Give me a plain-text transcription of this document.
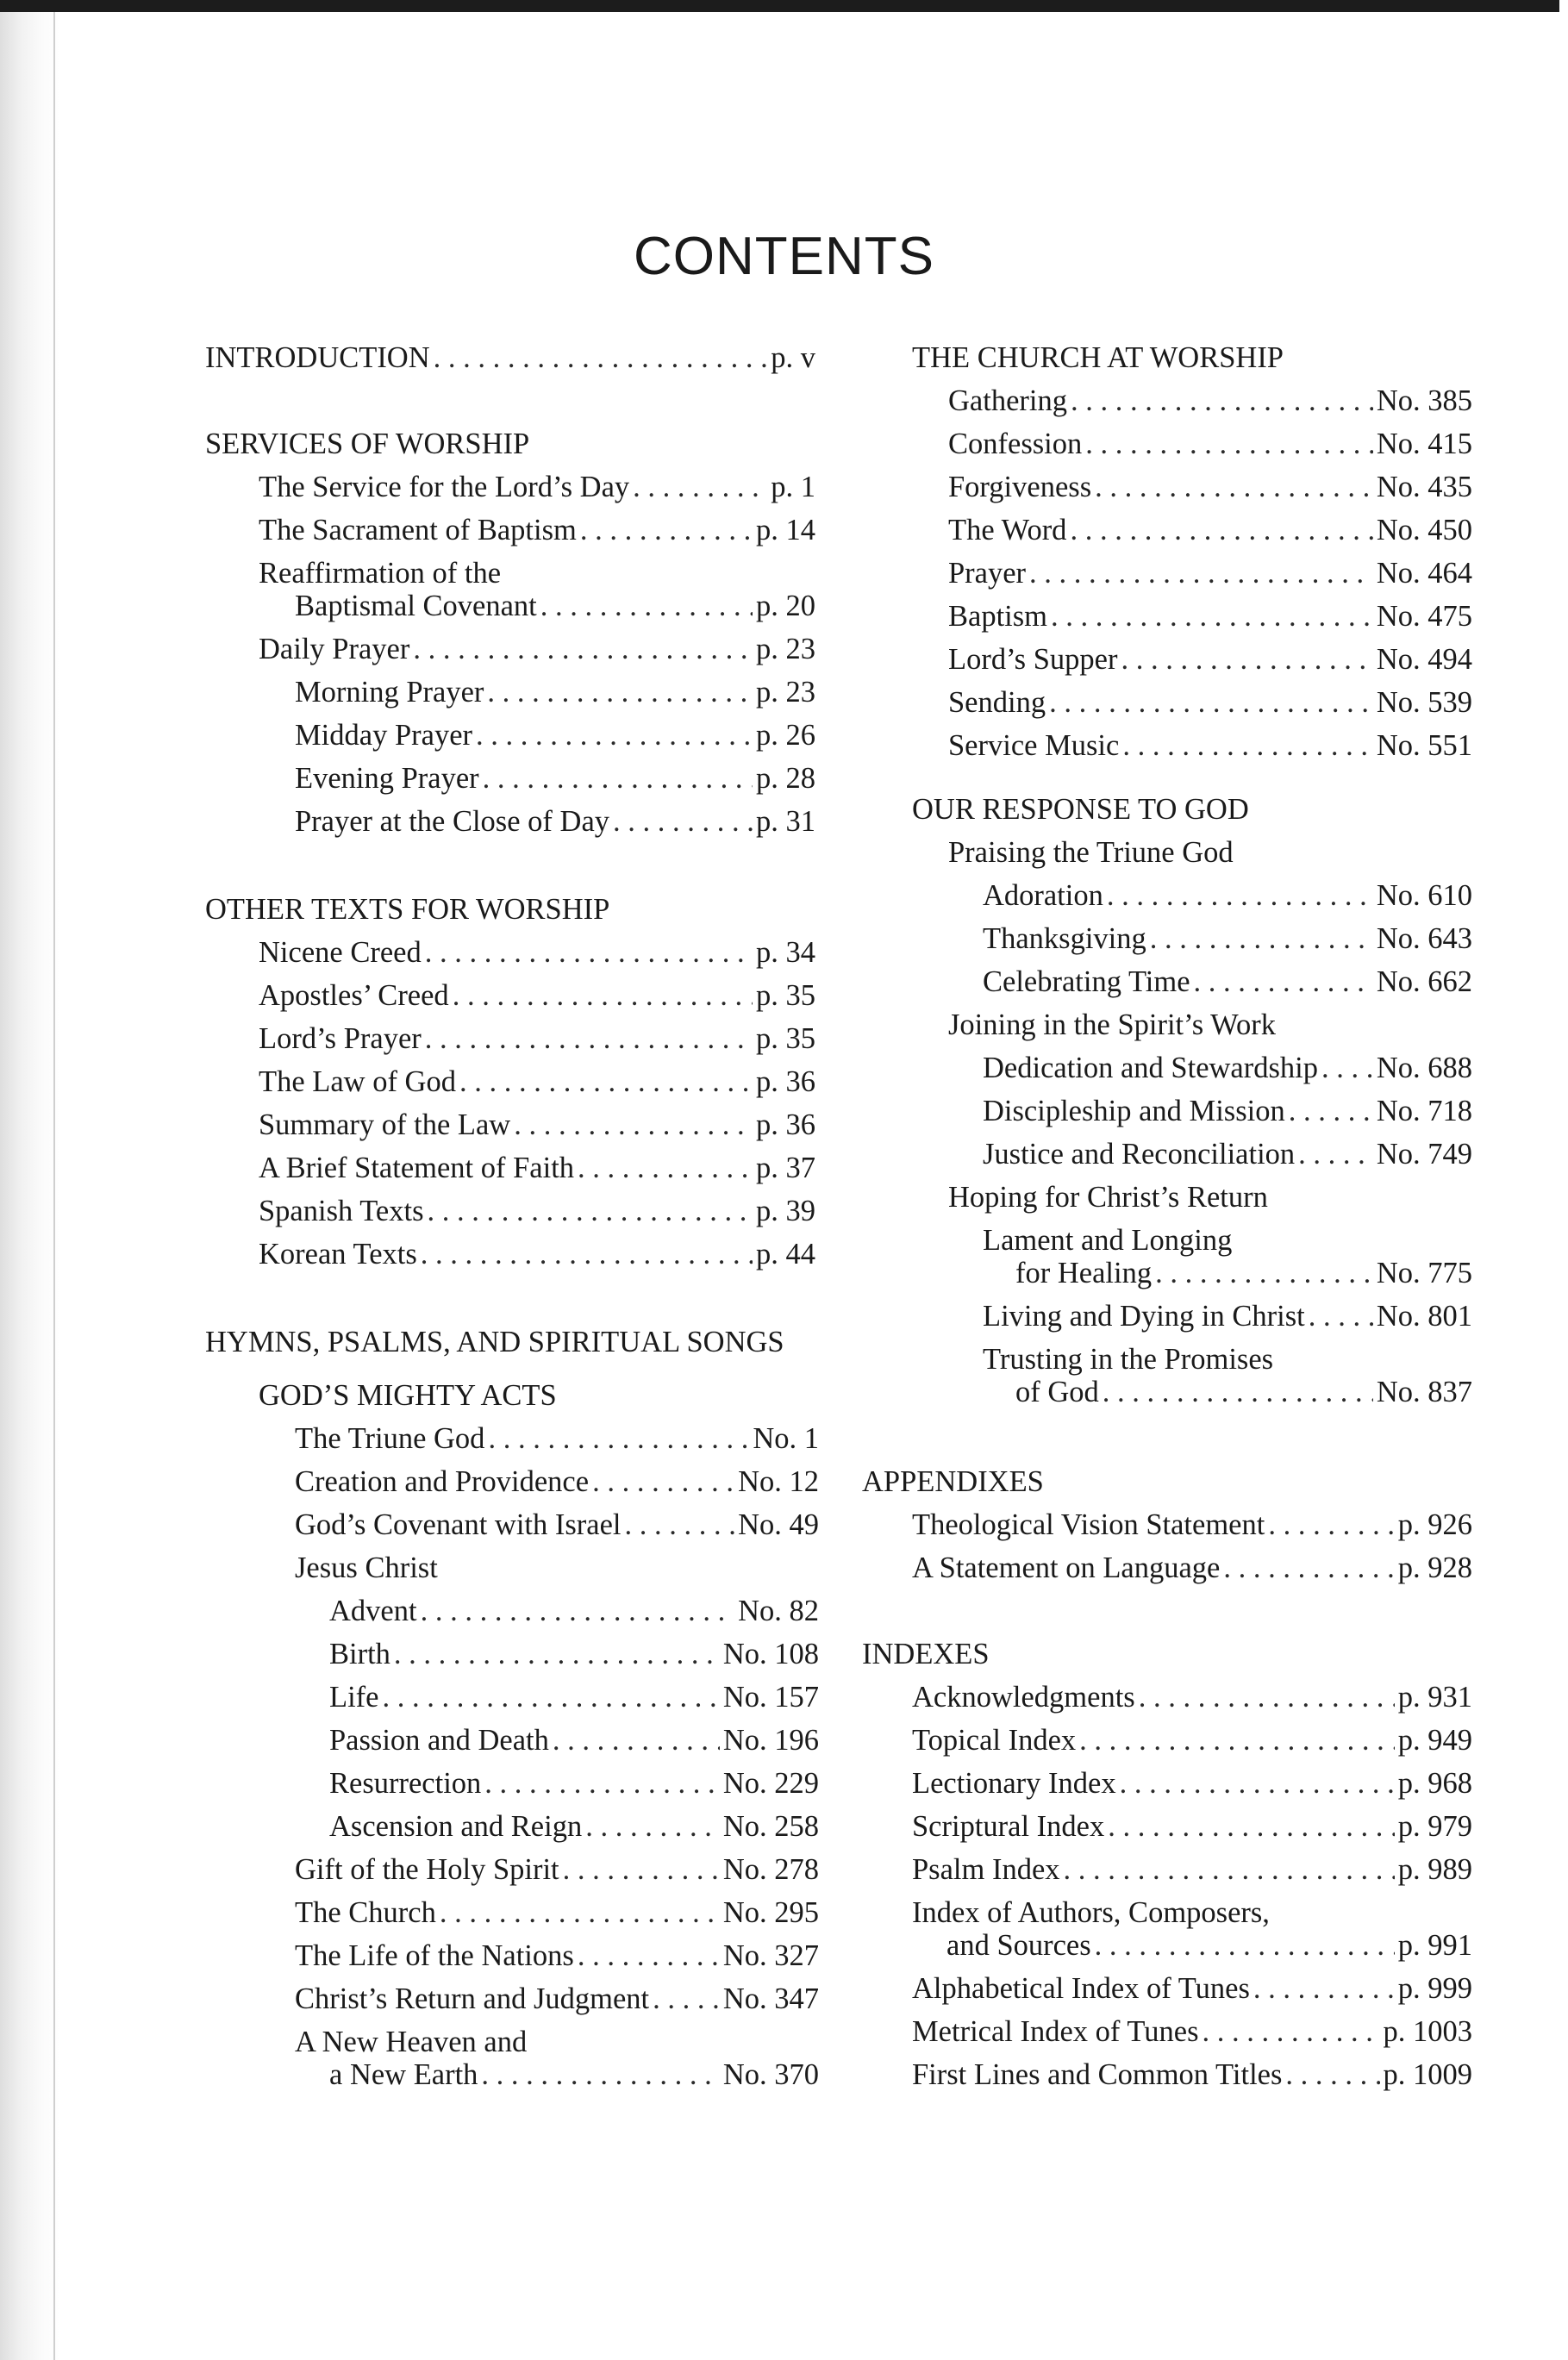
CONTENTS
INTRODUCTION . . .	p. v
SERVICES OF WORSHIP
The Service for the Lord’s Day . . .	p. 1
The Sacrament of Baptism . . .	p. 14
Reaffirmation of the
Baptismal Covenant . . .	p. 20
Daily Prayer . . .	p. 23
Morning Prayer . . .	p. 23
Midday Prayer . . .	p. 26
Evening Prayer . . .	p. 28
Prayer at the Close of Day . . .	p. 31
OTHER TEXTS FOR WORSHIP
Nicene Creed . . .	p. 34
Apostles’ Creed . . .	p. 35
Lord’s Prayer . . .	p. 35
The Law of God . . .	p. 36
Summary of the Law . . .	p. 36
A Brief Statement of Faith . . .	p. 37
Spanish Texts . . .	p. 39
Korean Texts . . .	p. 44
HYMNS, PSALMS, AND SPIRITUAL SONGS
GOD’S MIGHTY ACTS
The Triune God . . .	No. 1
Creation and Providence . . .	No. 12
God’s Covenant with Israel . . .	No. 49
Jesus Christ
Advent . . .	No. 82
Birth . . .	No. 108
Life . . .	No. 157
Passion and Death . . .	No. 196
Resurrection . . .	No. 229
Ascension and Reign . . .	No. 258
Gift of the Holy Spirit . . .	No. 278
The Church . . .	No. 295
The Life of the Nations . . .	No. 327
Christ’s Return and Judgment . . . No. 347
A New Heaven and
a New Earth . . .	No. 370
THE CHURCH AT WORSHIP
Gathering . . .	No. 385
Confession . . .	No. 415
Forgiveness . . .	No. 435
The Word . . .	No. 450
Prayer . . .	No. 464
Baptism . . .	No. 475
Lord’s Supper . . .	No. 494
Sending . . .	No. 539
Service Music . . .	No. 551
OUR RESPONSE TO GOD
Praising the Triune God
Adoration . . .	No. 610
Thanksgiving . . .	No. 643
Celebrating Time . . .	No. 662
Joining in the Spirit’s Work
Dedication and Stewardship . . . No. 688
Discipleship and Mission . . .	No. 718
Justice and Reconciliation . . .	No. 749
Hoping for Christ’s Return
Lament and Longing
for Healing . . .	No. 775
Living and Dying in Christ . . . No. 801
Trusting in the Promises
of God . . .	No. 837
APPENDIXES
Theological Vision Statement . . .	p. 926
A Statement on Language . . .	p. 928
INDEXES
Acknowledgments . . .	p. 931
Topical Index . . .	p. 949
Lectionary Index . . .	p. 968
Scriptural Index . . .	p. 979
Psalm Index . . .	p. 989
Index of Authors, Composers,
and Sources . . .	p. 991
Alphabetical Index of Tunes . . .	p. 999
Metrical Index of Tunes . . .	p. 1003
First Lines and Common Titles . . .	p. 1009
